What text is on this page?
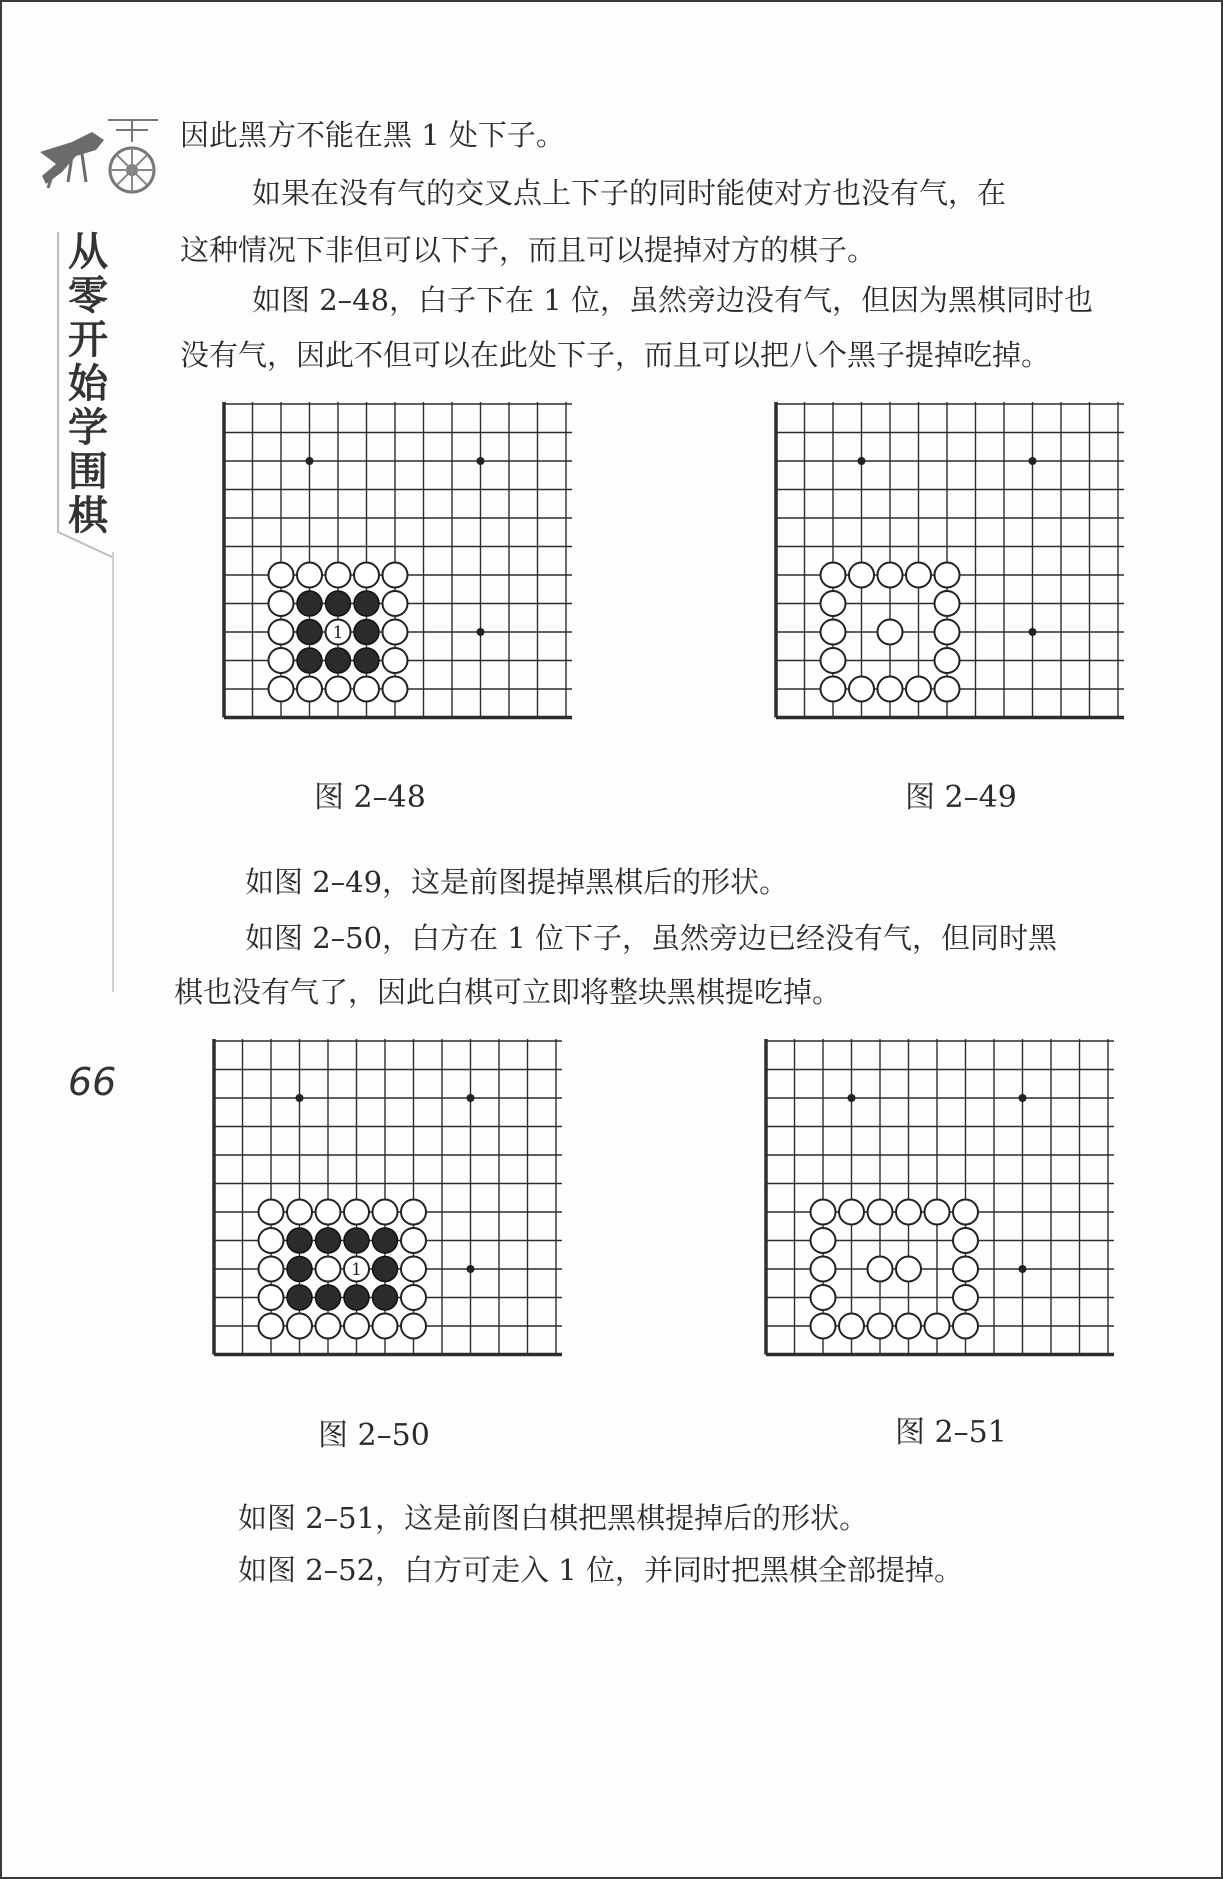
从
零
开
始
学
围
棋
66

因此黑方不能在黑 1 处下子。

如果在没有气的交叉点上下子的同时能使对方也没有气，在

这种情况下非但可以下子，而且可以提掉对方的棋子。

如图 2–48，白子下在 1 位，虽然旁边没有气，但因为黑棋同时也

没有气，因此不但可以在此处下子，而且可以把八个黑子提掉吃掉。

1

图 2–48	图 2–49

如图 2–49，这是前图提掉黑棋后的形状。

如图 2–50，白方在 1 位下子，虽然旁边已经没有气，但同时黑

棋也没有气了，因此白棋可立即将整块黑棋提吃掉。

1

图 2–50	图 2–51

如图 2–51，这是前图白棋把黑棋提掉后的形状。

如图 2–52，白方可走入 1 位，并同时把黑棋全部提掉。
